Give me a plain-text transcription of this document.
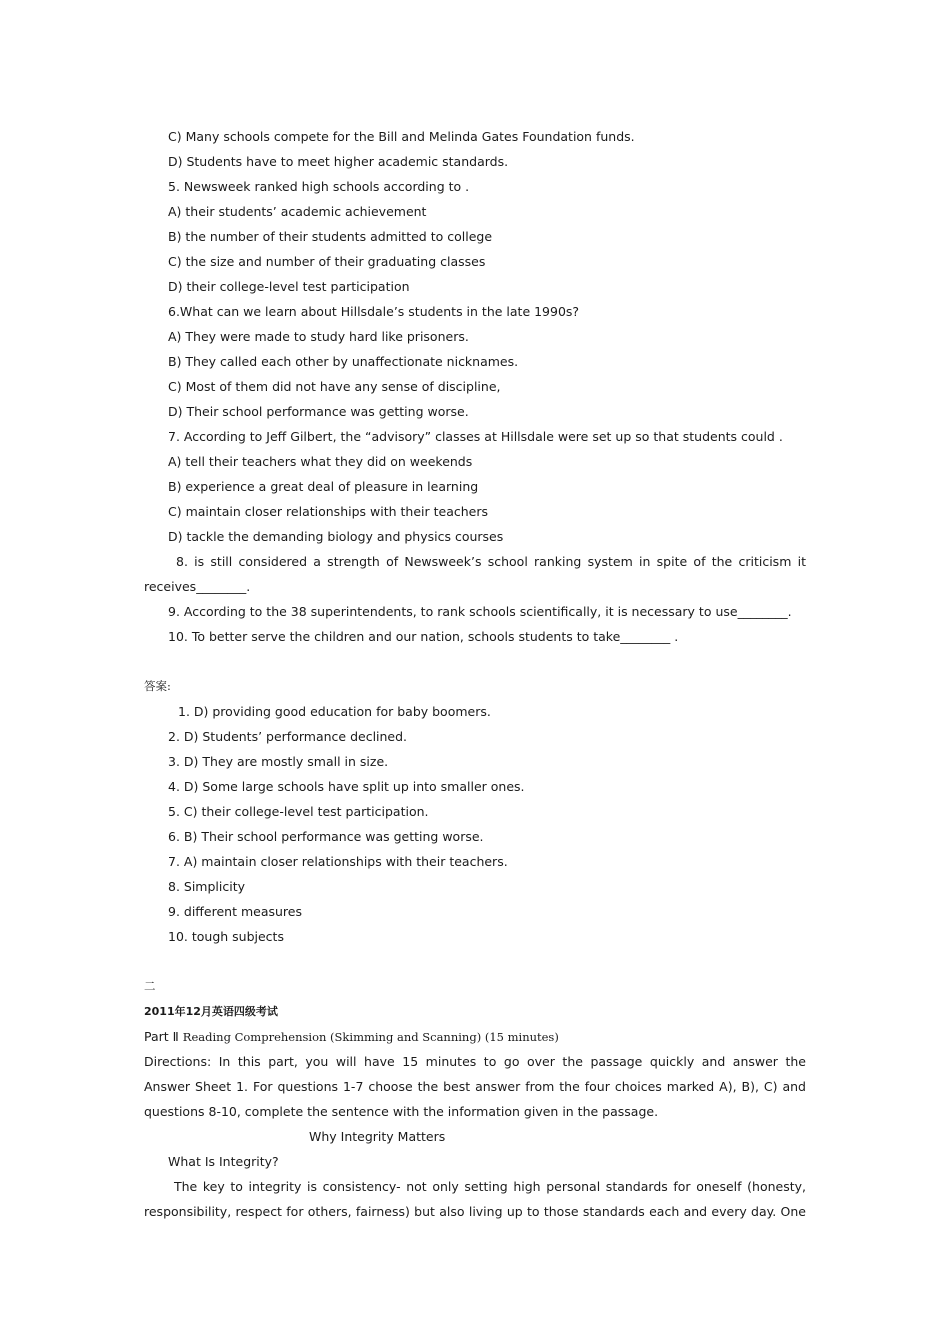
C) Many schools compete for the Bill and Melinda Gates Foundation funds.
D) Students have to meet higher academic standards.
5. Newsweek ranked high schools according to .
A) their students’ academic achievement
B) the number of their students admitted to college
C) the size and number of their graduating classes
D) their college-level test participation
6.What can we learn about Hillsdale’s students in the late 1990s?
A) They were made to study hard like prisoners.
B) They called each other by unaffectionate nicknames.
C) Most of them did not have any sense of discipline,
D) Their school performance was getting worse.
7. According to Jeff Gilbert, the “advisory” classes at Hillsdale were set up so that students could .
A) tell their teachers what they did on weekends
B) experience a great deal of pleasure in learning
C) maintain closer relationships with their teachers
D) tackle the demanding biology and physics courses
8. is still considered a strength of Newsweek’s school ranking system in spite of the criticism it
receives________.
9. According to the 38 superintendents, to rank schools scientifically, it is necessary to use________.
10. To better serve the children and our nation, schools students to take________ .
答案:
1. D) providing good education for baby boomers.
2. D) Students’ performance declined.
3. D) They are mostly small in size.
4. D) Some large schools have split up into smaller ones.
5. C) their college-level test participation.
6. B) Their school performance was getting worse.
7. A) maintain closer relationships with their teachers.
8. Simplicity
9. different measures
10. tough subjects
二
2011年12月英语四级考试
Part Ⅱ Reading Comprehension (Skimming and Scanning) (15 minutes)
Directions: In this part, you will have 15 minutes to go over the passage quickly and answer the
Answer Sheet 1. For questions 1-7 choose the best answer from the four choices marked A), B), C) and
questions 8-10, complete the sentence with the information given in the passage.
Why Integrity Matters
What Is Integrity?
The key to integrity is consistency- not only setting high personal standards for oneself (honesty,
responsibility, respect for others, fairness) but also living up to those standards each and every day. One
